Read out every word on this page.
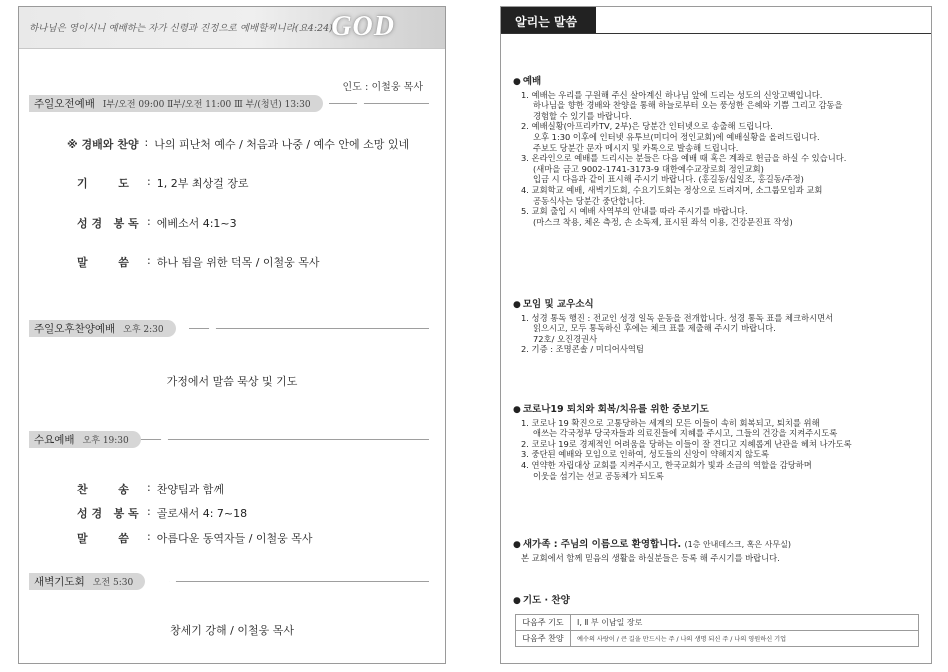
하나님은 영이시니 예배하는 자가 신령과 진정으로 예배할찌니라(요4:24)
GOD
인도 : 이철웅 목사
주일오전예배 Ⅰ부/오전 09:00 Ⅱ부/오전 11:00 Ⅲ 부/(청년) 13:30
※ 경배와 찬양 : 나의 피난처 예수 / 처음과 나중 / 예수 안에 소망 있네
기        도	: 1, 2부 최상걸 장로
성 경   봉 독 : 에베소서 4:1~3
말        씀	: 하나 됨을 위한 덕목 / 이철웅 목사
주일오후찬양예배 오후 2:30
가정에서 말씀 묵상 및 기도
수요예배 오후 19:30
찬        송	: 찬양팀과 함께
성 경   봉 독 : 골로새서 4: 7~18
말        씀	: 아름다운 동역자들 / 이철웅 목사
새벽기도회 오전 5:30
창세기 강해 / 이철웅 목사
알리는 말씀
● 예배
1. 예배는 우리를 구원해 주신 살아계신 하나님 앞에 드리는 성도의 신앙고백입니다.
하나님을 향한 경배와 찬양을 통해 하늘로부터 오는 풍성한 은혜와 기쁨 그리고 감동을
경험할 수 있기를 바랍니다.
2. 예배실황(아프리카TV, 2부)은 당분간 인터넷으로 송출해 드립니다.
오후 1:30 이후에 인터넷 유투브(미디어 정인교회)에 예배실황을 올려드립니다.
주보도 당분간 문자 메시지 및 카톡으로 발송해 드립니다.
3. 온라인으로 예배를 드리시는 분들은 다음 예배 때 혹은 계좌로 헌금을 하실 수 있습니다.
(새마을 금고 9002-1741-3173-9 대한예수교장로회 정인교회)
입금 시 다음과 같이 표시해 주시기 바랍니다. (홍길동/십일조, 홍길동/주정)
4. 교회학교 예배, 새벽기도회, 수요기도회는 정상으로 드려지며, 소그룹모임과 교회
공동식사는 당분간 중단합니다.
5. 교회 출입 시 예배 사역부의 안내를 따라 주시기를 바랍니다.
(마스크 착용, 체온 측정, 손 소독제, 표시된 좌석 이용, 건강문진표 작성)
● 모임 및 교우소식
1. 성경 통독 행진 : 전교인 성경 일독 운동을 전개합니다. 성경 통독 표를 체크하시면서
읽으시고, 모두 통독하신 후에는 체크 표를 제출해 주시기 바랍니다.
72호/ 오진경권사
2. 기증 : 조명콘솔 / 미디어사역팀
● 코로나19 퇴치와 회복/치유를 위한 중보기도
1. 코로나 19 확진으로 고통당하는 세계의 모든 이들이 속히 회복되고, 퇴치를 위해
애쓰는 각국정부 당국자들과 의료진들에 지혜를 주시고, 그들의 건강을 지켜주시도록
2. 코로나 19로 경제적인 어려움을 당하는 이들이 잘 견디고 지혜롭게 난관을 헤쳐 나가도록
3. 중단된 예배와 모임으로 인하여, 성도들의 신앙이 약해지지 않도록
4. 연약한 자립대상 교회를 지켜주시고, 한국교회가 빛과 소금의 역할을 감당하며
이웃을 섬기는 선교 공동체가 되도록
● 새가족 : 주님의 이름으로 환영합니다. (1층 안내데스크, 혹은 사무실)
본 교회에서 함께 믿음의 생활을 하실분들은 등록 해 주시기를 바랍니다.
● 기도 · 찬양
다음주 기도	Ⅰ, Ⅱ 부 이남일 장로
다음주 찬양	예수의 사랑이 / 큰 길을 만드시는 주 / 나의 생명 되신 주 / 나의 영원하신 기업
